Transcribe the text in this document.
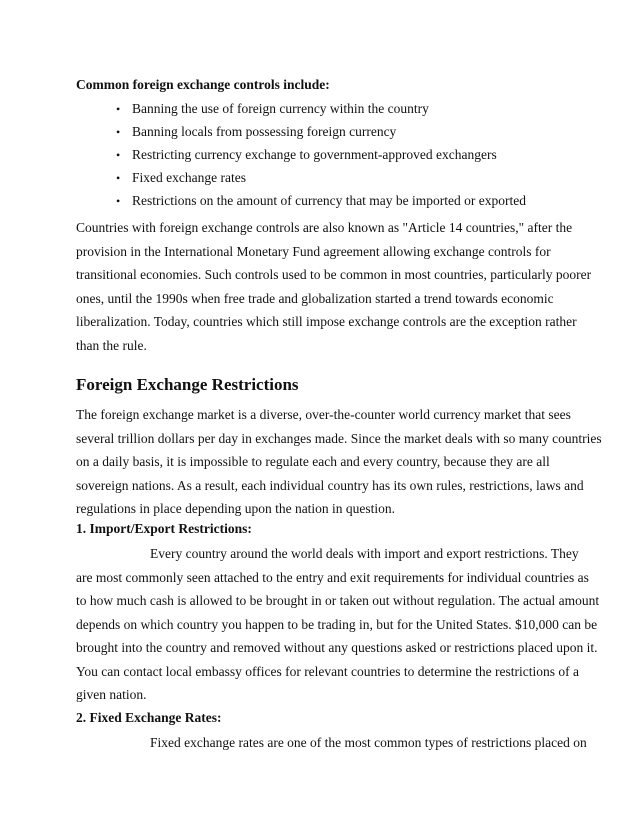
Common foreign exchange controls include:
• Banning the use of foreign currency within the country
• Banning locals from possessing foreign currency
• Restricting currency exchange to government-approved exchangers
• Fixed exchange rates
• Restrictions on the amount of currency that may be imported or exported
Countries with foreign exchange controls are also known as "Article 14 countries," after the
provision in the International Monetary Fund agreement allowing exchange controls for
transitional economies. Such controls used to be common in most countries, particularly poorer
ones, until the 1990s when free trade and globalization started a trend towards economic
liberalization. Today, countries which still impose exchange controls are the exception rather
than the rule.
Foreign Exchange Restrictions
The foreign exchange market is a diverse, over-the-counter world currency market that sees
several trillion dollars per day in exchanges made. Since the market deals with so many countries
on a daily basis, it is impossible to regulate each and every country, because they are all
sovereign nations. As a result, each individual country has its own rules, restrictions, laws and
regulations in place depending upon the nation in question.
1. Import/Export Restrictions:
Every country around the world deals with import and export restrictions. They
are most commonly seen attached to the entry and exit requirements for individual countries as
to how much cash is allowed to be brought in or taken out without regulation. The actual amount
depends on which country you happen to be trading in, but for the United States. $10,000 can be
brought into the country and removed without any questions asked or restrictions placed upon it.
You can contact local embassy offices for relevant countries to determine the restrictions of a
given nation.
2. Fixed Exchange Rates:
Fixed exchange rates are one of the most common types of restrictions placed on
